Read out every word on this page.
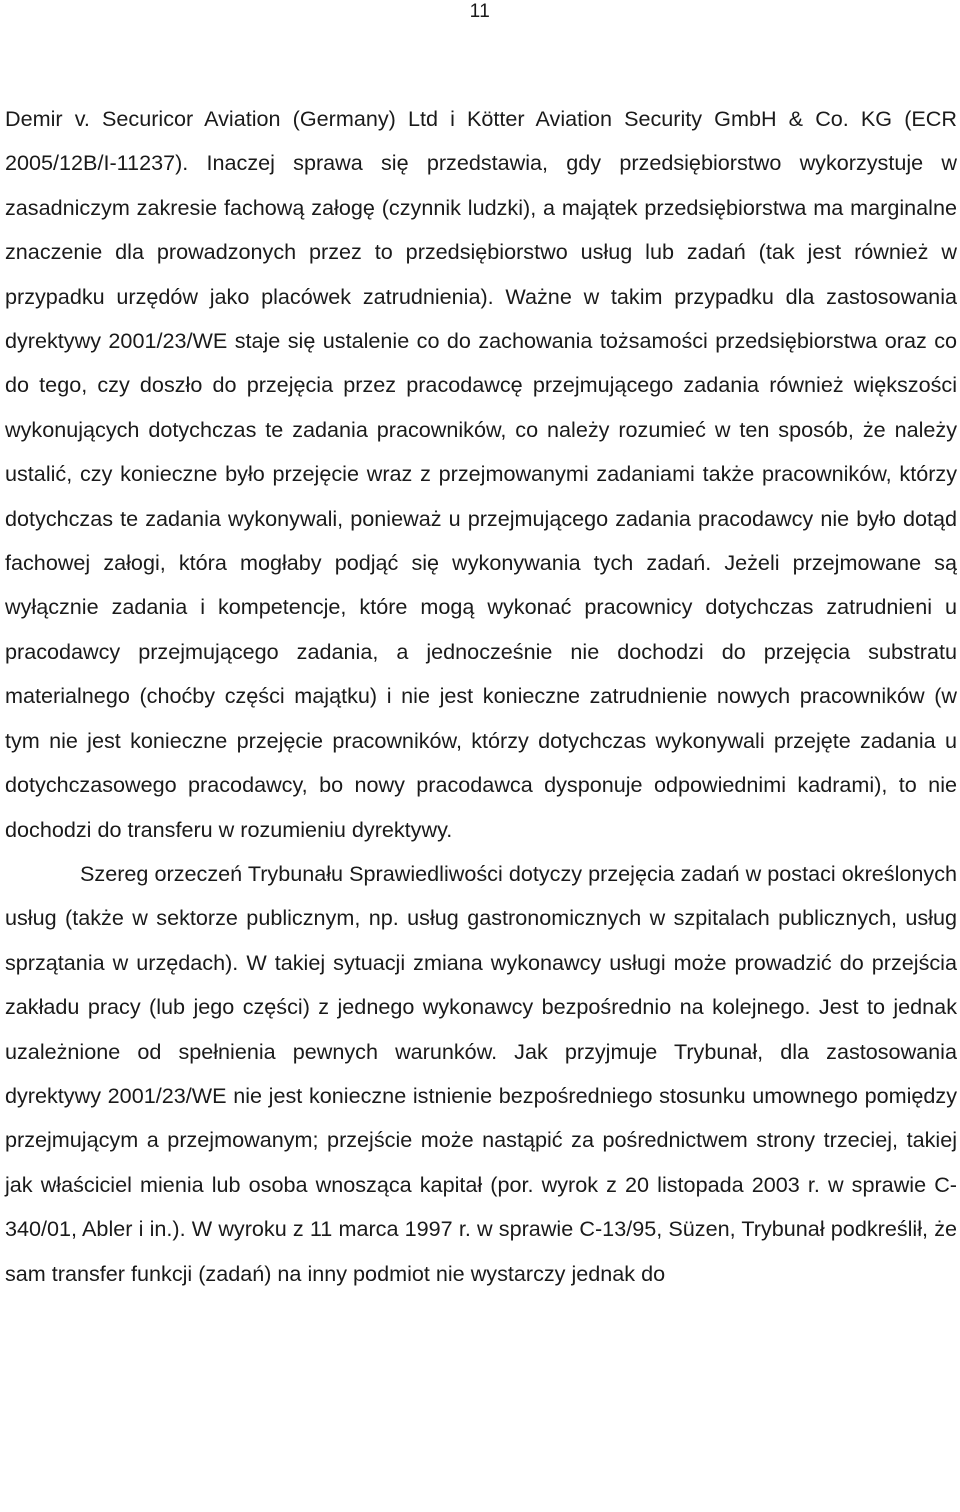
11

Demir v. Securicor Aviation (Germany) Ltd i Kötter Aviation Security GmbH & Co. KG (ECR 2005/12B/I-11237). Inaczej sprawa się przedstawia, gdy przedsiębiorstwo wykorzystuje w zasadniczym zakresie fachową załogę (czynnik ludzki), a majątek przedsiębiorstwa ma marginalne znaczenie dla prowadzonych przez to przedsiębiorstwo usług lub zadań (tak jest również w przypadku urzędów jako placówek zatrudnienia). Ważne w takim przypadku dla zastosowania dyrektywy 2001/23/WE staje się ustalenie co do zachowania tożsamości przedsiębiorstwa oraz co do tego, czy doszło do przejęcia przez pracodawcę przejmującego zadania również większości wykonujących dotychczas te zadania pracowników, co należy rozumieć w ten sposób, że należy ustalić, czy konieczne było przejęcie wraz z przejmowanymi zadaniami także pracowników, którzy dotychczas te zadania wykonywali, ponieważ u przejmującego zadania pracodawcy nie było dotąd fachowej załogi, która mogłaby podjąć się wykonywania tych zadań. Jeżeli przejmowane są wyłącznie zadania i kompetencje, które mogą wykonać pracownicy dotychczas zatrudnieni u pracodawcy przejmującego zadania, a jednocześnie nie dochodzi do przejęcia substratu materialnego (choćby części majątku) i nie jest konieczne zatrudnienie nowych pracowników (w tym nie jest konieczne przejęcie pracowników, którzy dotychczas wykonywali przejęte zadania u dotychczasowego pracodawcy, bo nowy pracodawca dysponuje odpowiednimi kadrami), to nie dochodzi do transferu w rozumieniu dyrektywy.

Szereg orzeczeń Trybunału Sprawiedliwości dotyczy przejęcia zadań w postaci określonych usług (także w sektorze publicznym, np. usług gastronomicznych w szpitalach publicznych, usług sprzątania w urzędach). W takiej sytuacji zmiana wykonawcy usługi może prowadzić do przejścia zakładu pracy (lub jego części) z jednego wykonawcy bezpośrednio na kolejnego. Jest to jednak uzależnione od spełnienia pewnych warunków. Jak przyjmuje Trybunał, dla zastosowania dyrektywy 2001/23/WE nie jest konieczne istnienie bezpośredniego stosunku umownego pomiędzy przejmującym a przejmowanym; przejście może nastąpić za pośrednictwem strony trzeciej, takiej jak właściciel mienia lub osoba wnosząca kapitał (por. wyrok z 20 listopada 2003 r. w sprawie C-340/01, Abler i in.). W wyroku z 11 marca 1997 r. w sprawie C-13/95, Süzen, Trybunał podkreślił, że sam transfer funkcji (zadań) na inny podmiot nie wystarczy jednak do
